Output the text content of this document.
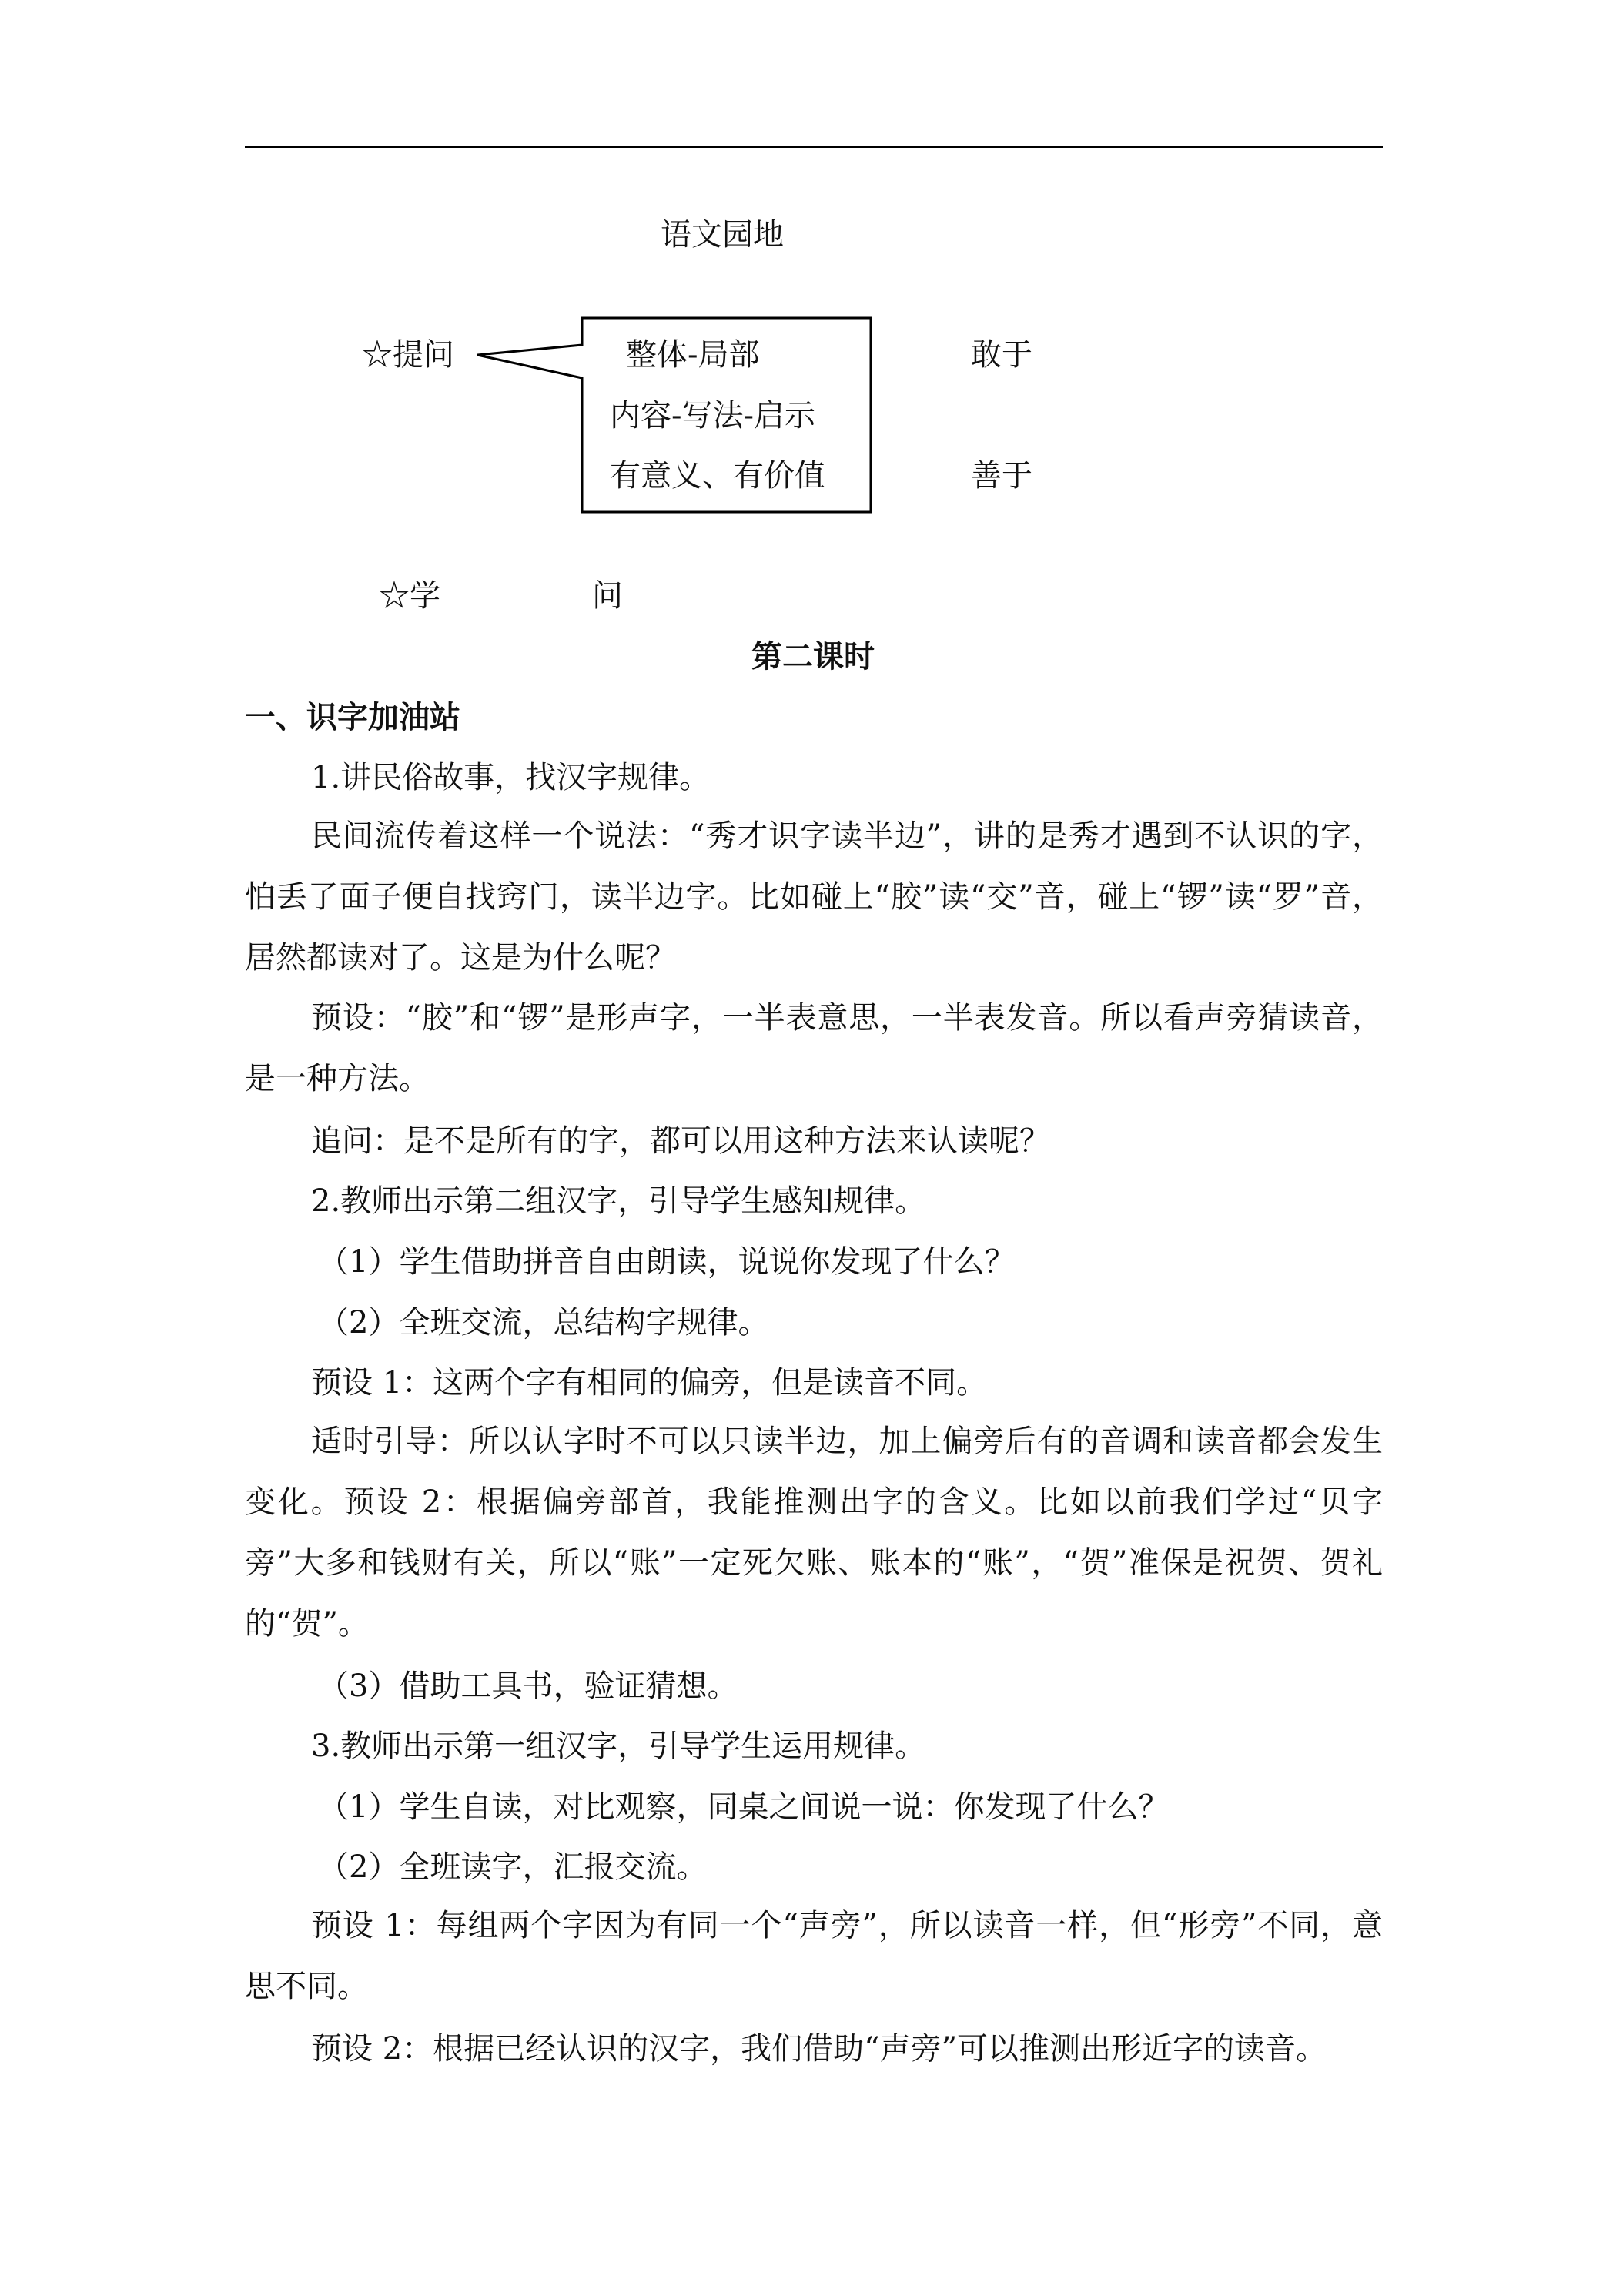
语文园地
☆提问	整体-局部
内容-写法-启示
有意义、有价值
敢于
善于
☆学	问
第二课时
一、识字加油站
1.讲民俗故事，找汉字规律。
民间流传着这样一个说法：“秀才识字读半边”，讲的是秀才遇到不认识的字，怕丢了面子便自找窍门，读半边字。比如碰上“胶”读“交”音，碰上“锣”读“罗”音，居然都读对了。这是为什么呢？
预设：“胶”和“锣”是形声字，一半表意思，一半表发音。所以看声旁猜读音，是一种方法。
追问：是不是所有的字，都可以用这种方法来认读呢？
2.教师出示第二组汉字，引导学生感知规律。
（1）学生借助拼音自由朗读，说说你发现了什么？
（2）全班交流，总结构字规律。
预设 1：这两个字有相同的偏旁，但是读音不同。
适时引导：所以认字时不可以只读半边，加上偏旁后有的音调和读音都会发生变化。预设 2：根据偏旁部首，我能推测出字的含义。比如以前我们学过“贝字旁”大多和钱财有关，所以“账”一定死欠账、账本的“账”，“贺”准保是祝贺、贺礼的“贺”。
（3）借助工具书，验证猜想。
3.教师出示第一组汉字，引导学生运用规律。
（1）学生自读，对比观察，同桌之间说一说：你发现了什么？
（2）全班读字，汇报交流。
预设 1：每组两个字因为有同一个“声旁”，所以读音一样，但“形旁”不同，意思不同。
预设 2：根据已经认识的汉字，我们借助“声旁”可以推测出形近字的读音。
